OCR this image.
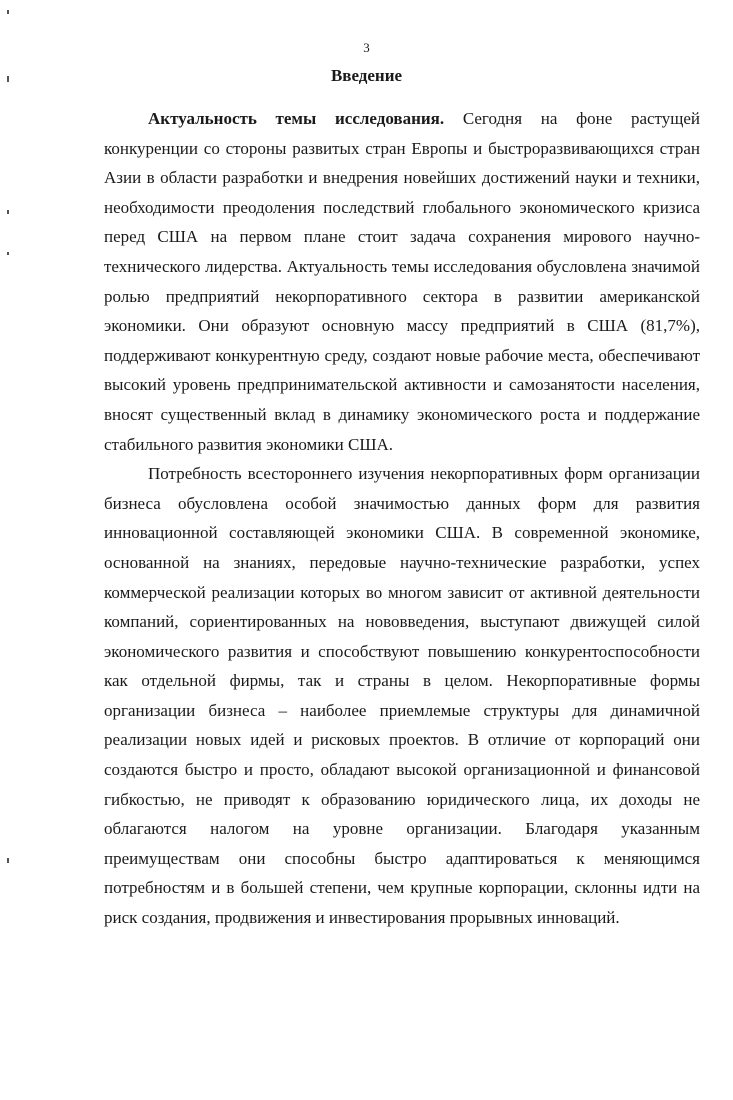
3

Введение

Актуальность темы исследования. Сегодня на фоне растущей конкуренции со стороны развитых стран Европы и быстроразвивающихся стран Азии в области разработки и внедрения новейших достижений науки и техники, необходимости преодоления последствий глобального экономического кризиса перед США на первом плане стоит задача сохранения мирового научно-технического лидерства. Актуальность темы исследования обусловлена значимой ролью предприятий некорпоративного сектора в развитии американской экономики. Они образуют основную массу предприятий в США (81,7%), поддерживают конкурентную среду, создают новые рабочие места, обеспечивают высокий уровень предпринимательской активности и самозанятости населения, вносят существенный вклад в динамику экономического роста и поддержание стабильного развития экономики США.

Потребность всестороннего изучения некорпоративных форм организации бизнеса обусловлена особой значимостью данных форм для развития инновационной составляющей экономики США. В современной экономике, основанной на знаниях, передовые научно-технические разработки, успех коммерческой реализации которых во многом зависит от активной деятельности компаний, сориентированных на нововведения, выступают движущей силой экономического развития и способствуют повышению конкурентоспособности как отдельной фирмы, так и страны в целом. Некорпоративные формы организации бизнеса – наиболее приемлемые структуры для динамичной реализации новых идей и рисковых проектов. В отличие от корпораций они создаются быстро и просто, обладают высокой организационной и финансовой гибкостью, не приводят к образованию юридического лица, их доходы не облагаются налогом на уровне организации. Благодаря указанным преимуществам они способны быстро адаптироваться к меняющимся потребностям и в большей степени, чем крупные корпорации, склонны идти на риск создания, продвижения и инвестирования прорывных инноваций.
